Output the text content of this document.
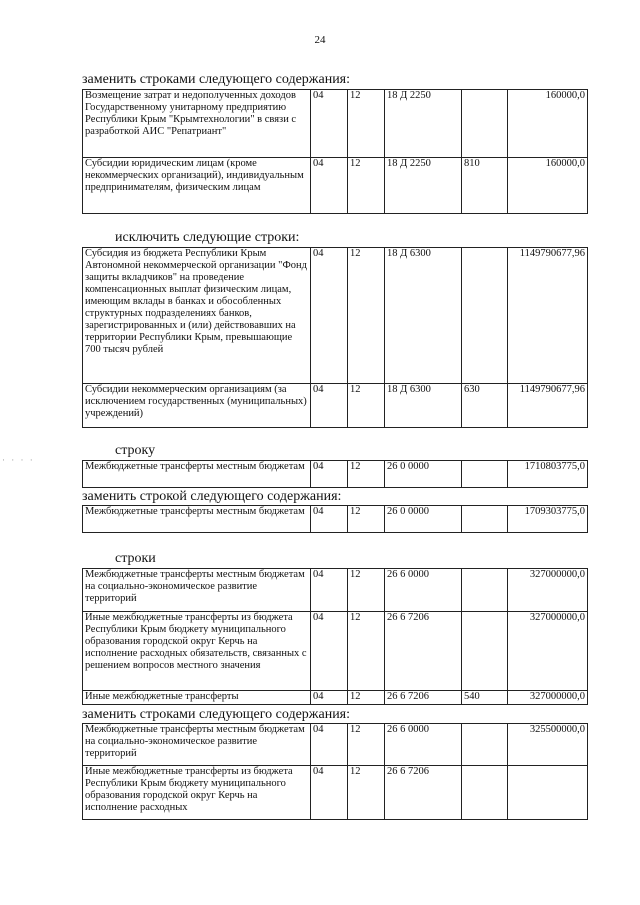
24
заменить строками следующего содержания:
Возмещение затрат и недополученных доходов Государственному унитарному предприятию Республики Крым "Крымтехнологии" в связи с разработкой АИС "Репатриант"	04	12	18 Д 2250		160000,0
Субсидии юридическим лицам (кроме некоммерческих организаций), индивидуальным предпринимателям, физическим лицам	04	12	18 Д 2250	810	160000,0
исключить следующие строки:
Субсидия из бюджета Республики Крым Автономной некоммерческой организации "Фонд защиты вкладчиков" на проведение компенсационных выплат физическим лицам, имеющим вклады в банках и обособленных структурных подразделениях банков, зарегистрированных и (или) действовавших на территории Республики Крым, превышающие 700 тысяч рублей	04	12	18 Д 6300		1149790677,96
Субсидии некоммерческим организациям (за исключением государственных (муниципальных) учреждений)	04	12	18 Д 6300	630	1149790677,96
· · · ·
строку
Межбюджетные трансферты местным бюджетам	04	12	26 0 0000		1710803775,0
заменить строкой следующего содержания:
Межбюджетные трансферты местным бюджетам	04	12	26 0 0000		1709303775,0
строки
Межбюджетные трансферты местным бюджетам на социально-экономическое развитие территорий	04	12	26 6 0000		327000000,0
Иные межбюджетные трансферты из бюджета Республики Крым бюджету муниципального образования городской округ Керчь на исполнение расходных обязательств, связанных с решением вопросов местного значения	04	12	26 6 7206		327000000,0
Иные межбюджетные трансферты	04	12	26 6 7206	540	327000000,0
заменить строками следующего содержания:
Межбюджетные трансферты местным бюджетам на социально-экономическое развитие территорий	04	12	26 6 0000		325500000,0
Иные межбюджетные трансферты из бюджета Республики Крым бюджету муниципального образования городской округ Керчь на исполнение расходных	04	12	26 6 7206		
